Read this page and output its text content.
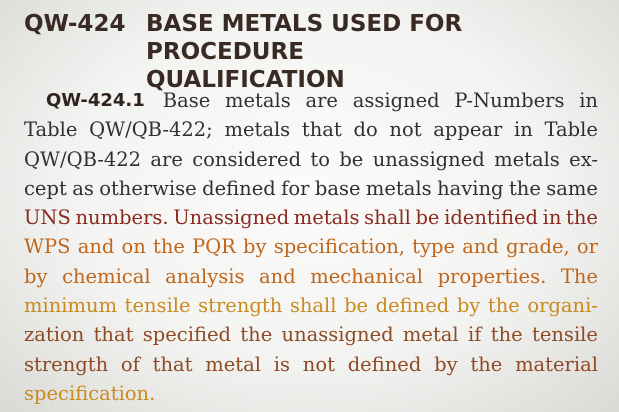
QW-424 BASE METALS USED FOR PROCEDURE
QUALIFICATION
QW-424.1 Base metals are assigned P-Numbers in
Table QW/QB-422; metals that do not appear in Table
QW/QB-422 are considered to be unassigned metals ex-
cept as otherwise defined for base metals having the same
UNS numbers. Unassigned metals shall be identified in the
WPS and on the PQR by specification, type and grade, or
by chemical analysis and mechanical properties. The
minimum tensile strength shall be defined by the organi-
zation that specified the unassigned metal if the tensile
strength of that metal is not defined by the material
specification.
